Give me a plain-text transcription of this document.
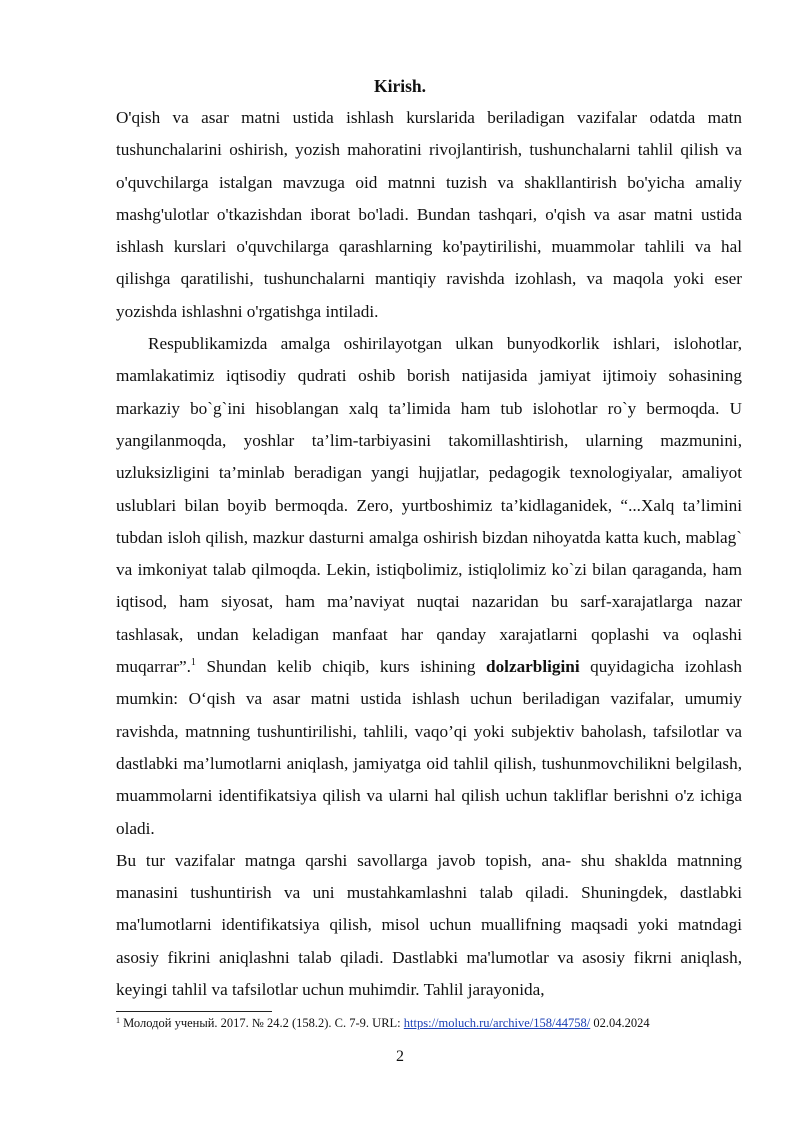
Kirish.

O'qish va asar matni ustida ishlash kurslarida beriladigan vazifalar odatda matn tushunchalarini oshirish, yozish mahoratini rivojlantirish, tushunchalarni tahlil qilish va o'quvchilarga istalgan mavzuga oid matnni tuzish va shakllantirish bo'yicha amaliy mashg'ulotlar o'tkazishdan iborat bo'ladi. Bundan tashqari, o'qish va asar matni ustida ishlash kurslari o'quvchilarga qarashlarning ko'paytirilishi, muammolar tahlili va hal qilishga qaratilishi, tushunchalarni mantiqiy ravishda izohlash, va maqola yoki eser yozishda ishlashni o'rgatishga intiladi.

Respublikamizda amalga oshirilayotgan ulkan bunyodkorlik ishlari, islohotlar, mamlakatimiz iqtisodiy qudrati oshib borish natijasida jamiyat ijtimoiy sohasining markaziy bo`g`ini hisoblangan xalq ta’limida ham tub islohotlar ro`y bermoqda. U yangilanmoqda, yoshlar ta’lim-tarbiyasini takomillashtirish, ularning mazmunini, uzluksizligini ta’minlab beradigan yangi hujjatlar, pedagogik texnologiyalar, amaliyot uslublari bilan boyib bermoqda. Zero, yurtboshimiz ta’kidlaganidek, “...Xalq ta’limini tubdan isloh qilish, mazkur dasturni amalga oshirish bizdan nihoyatda katta kuch, mablag` va imkoniyat talab qilmoqda. Lekin, istiqbolimiz, istiqlolimiz ko`zi bilan qaraganda, ham iqtisod, ham siyosat, ham ma’naviyat nuqtai nazaridan bu sarf-xarajatlarga nazar tashlasak, undan keladigan manfaat har qanday xarajatlarni qoplashi va oqlashi muqarrar”.$^1$ Shundan kelib chiqib, kurs ishining dolzarbligini quyidagicha izohlash mumkin: O‘qish va asar matni ustida ishlash uchun beriladigan vazifalar, umumiy ravishda, matnning tushuntirilishi, tahlili, vaqo’qi yoki subjektiv baholash, tafsilotlar va dastlabki ma’lumotlarni aniqlash, jamiyatga oid tahlil qilish, tushunmovchilikni belgilash, muammolarni identifikatsiya qilish va ularni hal qilish uchun takliflar berishni o'z ichiga oladi.

Bu tur vazifalar matnga qarshi savollarga javob topish, ana- shu shaklda matnning manasini tushuntirish va uni mustahkamlashni talab qiladi. Shuningdek, dastlabki ma'lumotlarni identifikatsiya qilish, misol uchun muallifning maqsadi yoki matndagi asosiy fikrini aniqlashni talab qiladi. Dastlabki ma'lumotlar va asosiy fikrni aniqlash, keyingi tahlil va tafsilotlar uchun muhimdir. Tahlil jarayonida,

$^1$ Молодой ученый. 2017. № 24.2 (158.2). С. 7-9. URL: https://moluch.ru/archive/158/44758/ 02.04.2024
2
